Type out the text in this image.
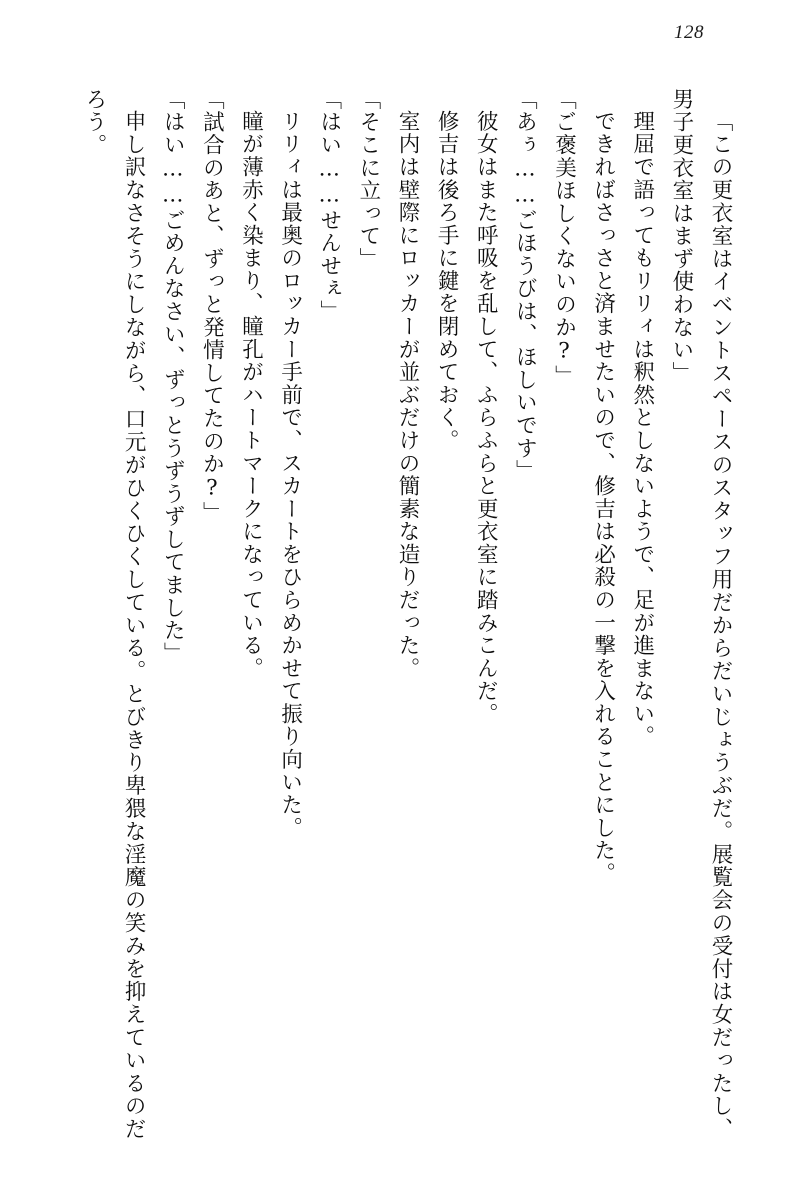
128

「この更衣室はイベントスペースのスタッフ用だからだいじょうぶだ。展覧会の受付は女だったし、男子更衣室はまず使わない」

理屈で語ってもリリィは釈然としないようで、足が進まない。

できればさっさと済ませたいので、修吉は必殺の一撃を入れることにした。

「ご褒美ほしくないのか?」

「あぅ……ごほうびは、ほしいです」

彼女はまた呼吸を乱して、ふらふらと更衣室に踏みこんだ。

修吉は後ろ手に鍵を閉めておく。

室内は壁際にロッカーが並ぶだけの簡素な造りだった。

「そこに立って」

「はい……せんせぇ」

リリィは最奥のロッカー手前で、スカートをひらめかせて振り向いた。

瞳が薄赤く染まり、瞳孔がハートマークになっている。

「試合のあと、ずっと発情してたのか?」

「はい……ごめんなさい、ずっとうずうずしてました」

申し訳なさそうにしながら、口元がひくひくしている。とびきり卑猥な淫魔の笑みを抑えているのだろう。
